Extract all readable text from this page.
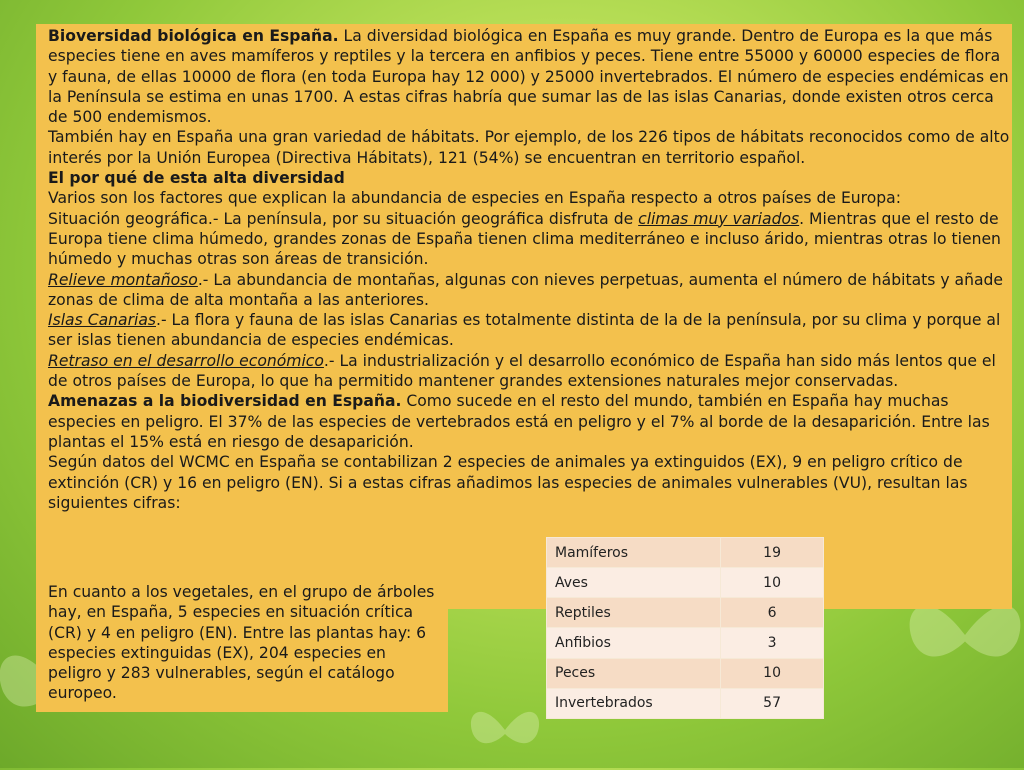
Bioversidad biológica en España. La diversidad biológica en España es muy grande. Dentro de Europa es la que más especies tiene en aves mamíferos y reptiles y la tercera en anfibios y peces. Tiene entre 55000 y 60000 especies de flora y fauna, de ellas 10000 de flora (en toda Europa hay 12 000) y 25000 invertebrados. El número de especies endémicas en la Península se estima en unas 1700. A estas cifras habría que sumar las de las islas Canarias, donde existen otros cerca de 500 endemismos.

También hay en España una gran variedad de hábitats. Por ejemplo, de los 226 tipos de hábitats reconocidos como de alto interés por la Unión Europea (Directiva Hábitats), 121 (54%) se encuentran en territorio español.

El por qué de esta alta diversidad

Varios son los factores que explican la abundancia de especies en España respecto a otros países de Europa:

Situación geográfica.- La península, por su situación geográfica disfruta de climas muy variados. Mientras que el resto de Europa tiene clima húmedo, grandes zonas de España tienen clima mediterráneo e incluso árido, mientras otras lo tienen húmedo y muchas otras son áreas de transición.

Relieve montañoso.- La abundancia de montañas, algunas con nieves perpetuas, aumenta el número de hábitats y añade zonas de clima de alta montaña a las anteriores.

Islas Canarias.- La flora y fauna de las islas Canarias es totalmente distinta de la de la península, por su clima y porque al ser islas tienen abundancia de especies endémicas.

Retraso en el desarrollo económico.- La industrialización y el desarrollo económico de España han sido más lentos que el de otros países de Europa, lo que ha permitido mantener grandes extensiones naturales mejor conservadas.

Amenazas a la biodiversidad en España. Como sucede en el resto del mundo, también en España hay muchas especies en peligro. El 37% de las especies de vertebrados está en peligro y el 7% al borde de la desaparición. Entre las plantas el 15% está en riesgo de desaparición.

Según datos del WCMC en España se contabilizan 2 especies de animales ya extinguidos (EX), 9 en peligro crítico de extinción (CR) y 16 en peligro (EN). Si a estas cifras añadimos las especies de animales vulnerables (VU), resultan las siguientes cifras:

En cuanto a los vegetales, en el grupo de árboles hay, en España, 5 especies en situación crítica (CR) y 4 en peligro (EN). Entre las plantas hay: 6 especies extinguidas (EX), 204 especies en peligro y 283 vulnerables, según el catálogo europeo.

Mamíferos	19
Aves	10
Reptiles	6
Anfibios	3
Peces	10
Invertebrados	57
